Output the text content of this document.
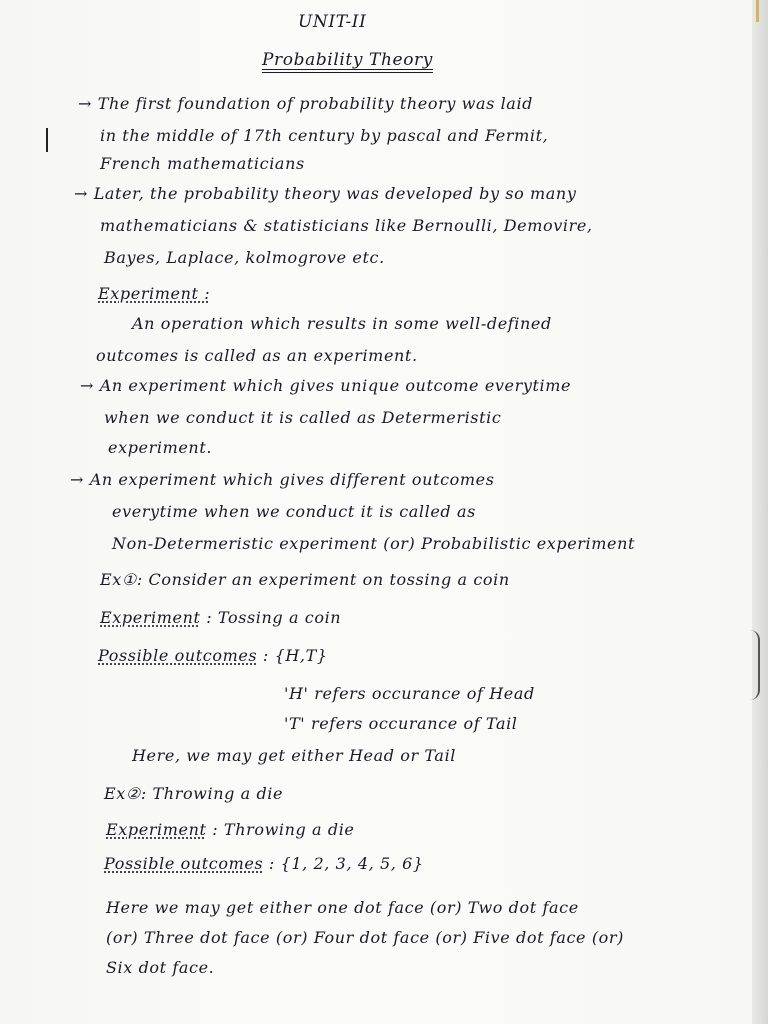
UNIT-II
Probability Theory
→ The first foundation of probability theory was laid
in the middle of 17th century by pascal and Fermit,
French mathematicians
→ Later, the probability theory was developed by so many
mathematicians & statisticians like Bernoulli, Demovire,
Bayes, Laplace, kolmogrove etc.
Experiment :
An operation which results in some well-defined
outcomes is called as an experiment.
→ An experiment which gives unique outcome everytime
when we conduct it is called as Determeristic
experiment.
→ An experiment which gives different outcomes
everytime when we conduct it is called as
Non-Determeristic experiment (or) Probabilistic experiment
Ex①: Consider an experiment on tossing a coin
Experiment : Tossing a coin
Possible outcomes : {H,T}
'H' refers occurance of Head
'T' refers occurance of Tail
Here, we may get either Head or Tail
Ex②: Throwing a die
Experiment : Throwing a die
Possible outcomes : {1, 2, 3, 4, 5, 6}
Here we may get either one dot face (or) Two dot face
(or) Three dot face (or) Four dot face (or) Five dot face (or)
Six dot face.
